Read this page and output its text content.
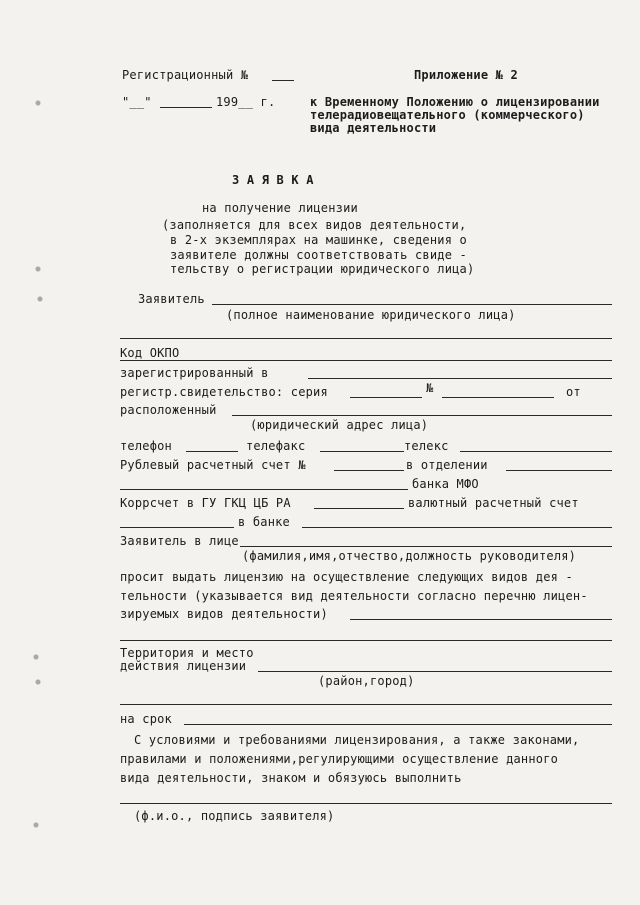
Регистрационный №
"__"	199__ г.
Приложение № 2
к Временному Положению о лицензировании
телерадиовещательного (коммерческого)
вида деятельности
З А Я В К А
на получение лицензии
(заполняется для всех видов деятельности,
в 2-х экземплярах на машинке, сведения о
заявителе должны соответствовать свиде -
тельству о регистрации юридического лица)
Заявитель
(полное наименование юридического лица)
Код ОКПО
зарегистрированный в
регистр.свидетельство: серия	№	от
расположенный
(юридический адрес лица)
телефон	телефакс	телекс
Рублевый расчетный счет №	в отделении
банка МФО
Коррсчет в ГУ ГКЦ ЦБ РА	валютный расчетный счет
в банке
Заявитель в лице
(фамилия,имя,отчество,должность руководителя)
просит выдать лицензию на осуществление следующих видов дея -
тельности (указывается вид деятельности согласно перечню лицен-
зируемых видов деятельности)
Территория и место
действия лицензии
(район,город)
на срок
С условиями и требованиями лицензирования, а также законами,
правилами и положениями,регулирующими осуществление данного
вида деятельности, знаком и обязуюсь выполнить
(ф.и.о., подпись заявителя)
